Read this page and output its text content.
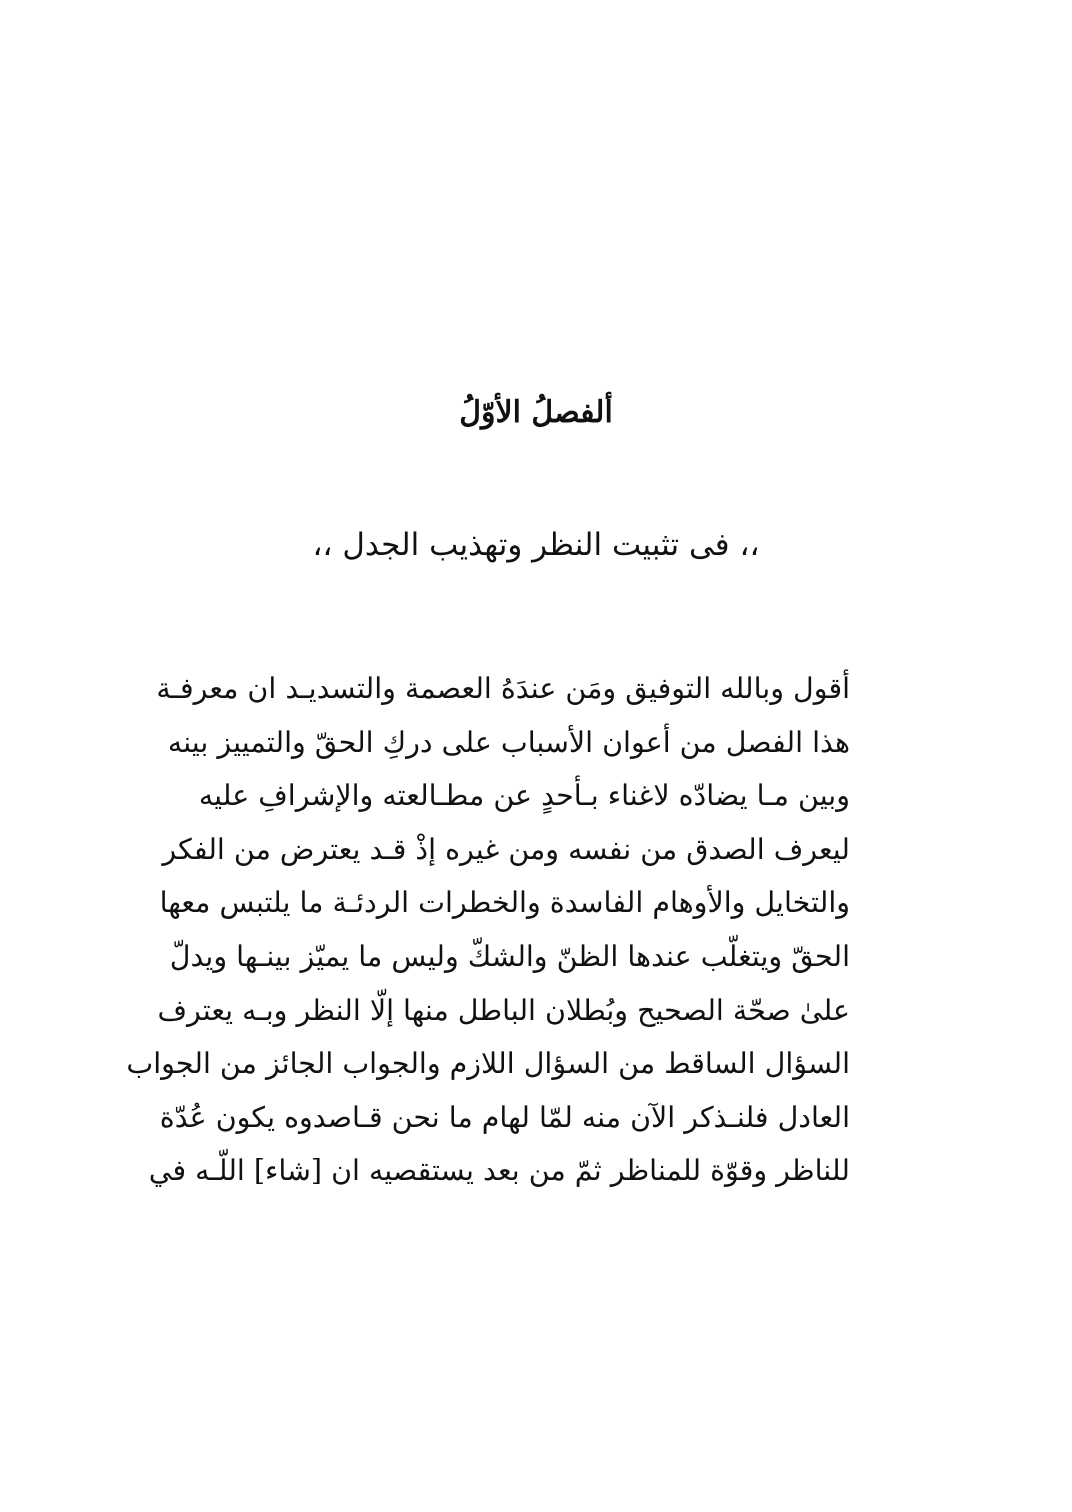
ألفصلُ الأوّلُ
،، فى تثبيت النظر وتهذيب الجدل ،،
أقول وبالله التوفيق ومَن عندَهُ العصمة والتسديـد ان معرفـة
هذا الفصل من أعوان الأسباب على دركِ الحقّ والتمييز بينه
وبين مـا يضادّه لاغناء بـأحدٍ عن مطـالعته والإشرافِ عليه
ليعرف الصدق من نفسه ومن غيره إذْ قـد يعترض من الفكر
والتخايل والأوهام الفاسدة والخطرات الردئـة ما يلتبس معها
الحقّ ويتغلّب عندها الظنّ والشكّ وليس ما يميّز بينـها ويدلّ
علىٰ صحّة الصحيح وبُطلان الباطل منها إلّا النظر وبـه يعترف
السؤال الساقط من السؤال اللازم والجواب الجائز من الجواب
العادل فلنـذكر الآن منه لمّا لهام ما نحن قـاصدوه يكون عُدّة
للناظر وقوّة للمناظر ثمّ من بعد يستقصيه ان [شاء] اللّـه في
